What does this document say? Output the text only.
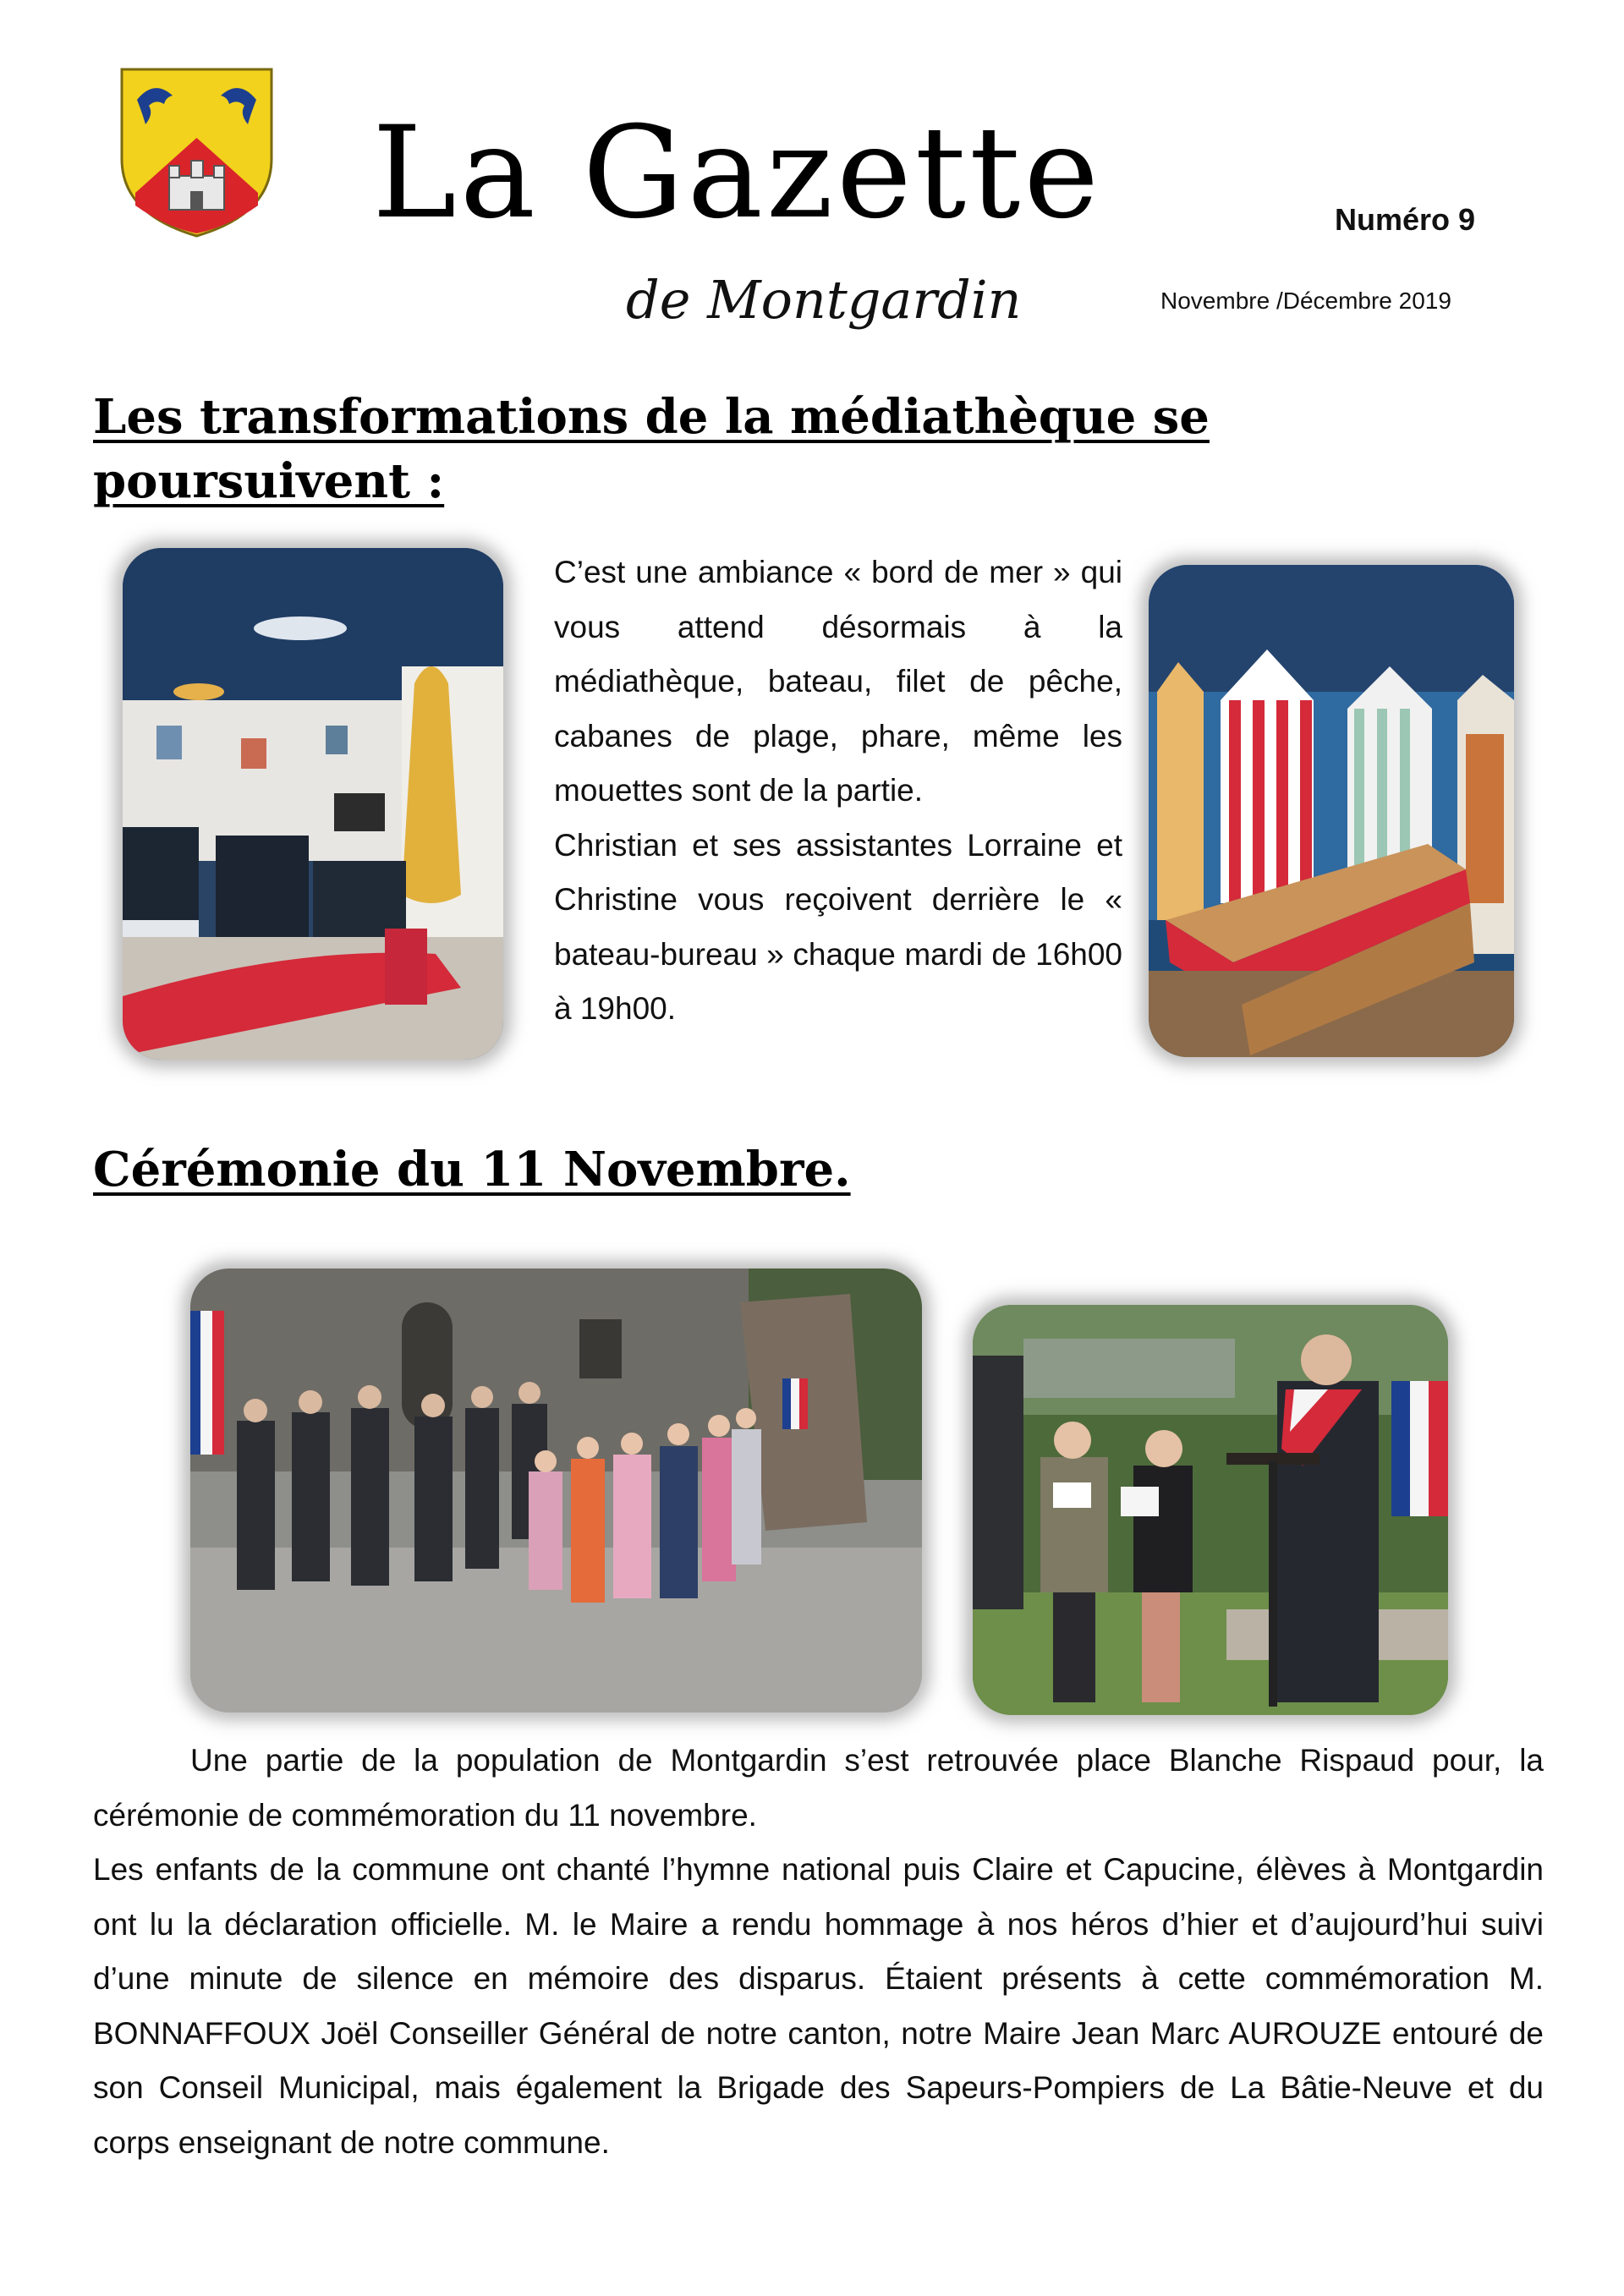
La Gazette
de Montgardin
Numéro 9
Novembre /Décembre 2019
Les transformations de la médiathèque se poursuivent :

C’est une ambiance « bord de mer » qui vous attend désormais à la médiathèque, bateau, filet de pêche, cabanes de plage, phare, même les mouettes sont de la partie.

Christian et ses assistantes Lorraine et Christine vous reçoivent derrière le « bateau-bureau » chaque mardi de 16h00 à 19h00.

Cérémonie du 11 Novembre.

Une partie de la population de Montgardin s’est retrouvée place Blanche Rispaud pour, la cérémonie de commémoration du 11 novembre.

Les enfants de la commune ont chanté l’hymne national puis Claire et Capucine, élèves à Montgardin ont lu la déclaration officielle. M. le Maire a rendu hommage à nos héros d’hier et d’aujourd’hui suivi d’une minute de silence en mémoire des disparus. Étaient présents à cette commémoration M. BONNAFFOUX Joël Conseiller Général de notre canton, notre Maire Jean Marc AUROUZE entouré de son Conseil Municipal, mais également la Brigade des Sapeurs-Pompiers de La Bâtie-Neuve et du corps enseignant de notre commune.
